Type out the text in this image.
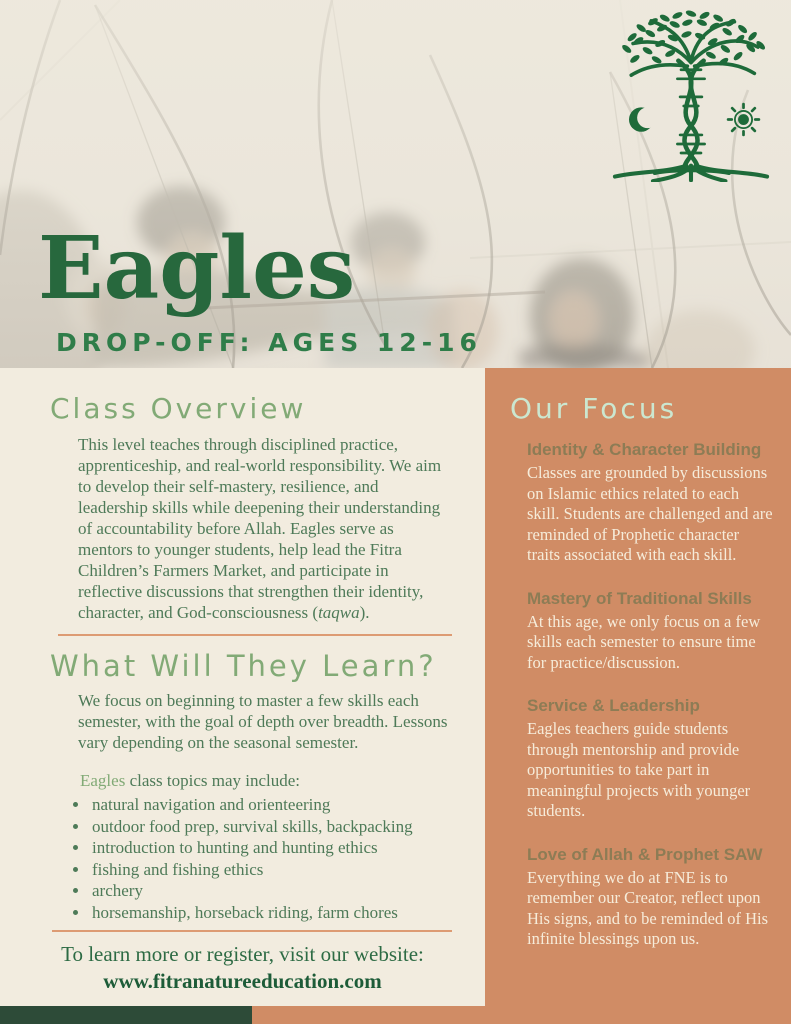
Eagles
DROP-OFF: AGES 12-16
Class Overview

This level teaches through disciplined practice, apprenticeship, and real-world responsibility. We aim to develop their self-mastery, resilience, and leadership skills while deepening their understanding of accountability before Allah. Eagles serve as mentors to younger students, help lead the Fitra Children’s Farmers Market, and participate in reflective discussions that strengthen their identity, character, and God-consciousness (taqwa).

What Will They Learn?

We focus on beginning to master a few skills each semester, with the goal of depth over breadth. Lessons vary depending on the seasonal semester.

Eagles class topics may include:

• natural navigation and orienteering
• outdoor food prep, survival skills, backpacking
• introduction to hunting and hunting ethics
• fishing and fishing ethics
• archery
• horsemanship, horseback riding, farm chores
To learn more or register, visit our website:
www.fitranatureeducation.com
Our Focus
Identity & Character Building
Classes are grounded by discussions on Islamic ethics related to each skill. Students are challenged and are reminded of Prophetic character traits associated with each skill.
Mastery of Traditional Skills
At this age, we only focus on a few skills each semester to ensure time for practice/discussion.
Service & Leadership
Eagles teachers guide students through mentorship and provide opportunities to take part in meaningful projects with younger students.
Love of Allah & Prophet SAW
Everything we do at FNE is to remember our Creator, reflect upon His signs, and to be reminded of His infinite blessings upon us.
